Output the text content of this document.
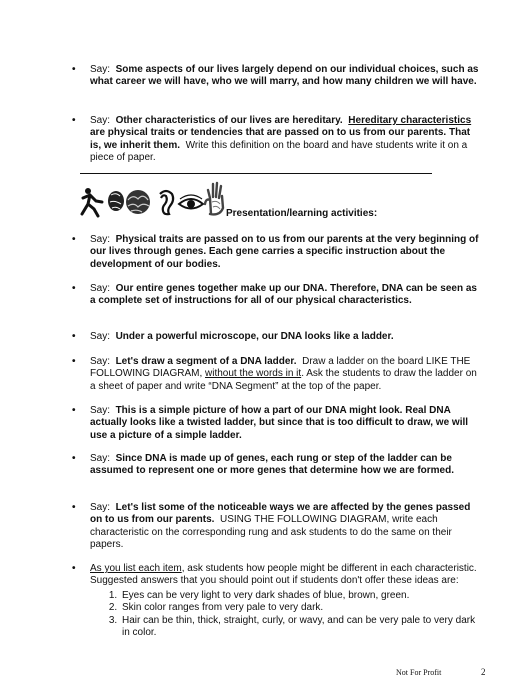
• Say: Some aspects of our lives largely depend on our individual choices, such as what career we will have, who we will marry, and how many children we will have.

• Say: Other characteristics of our lives are hereditary. Hereditary characteristics are physical traits or tendencies that are passed on to us from our parents. That is, we inherit them. Write this definition on the board and have students write it on a piece of paper.

Presentation/learning activities:
• Say: Physical traits are passed on to us from our parents at the very beginning of our lives through genes. Each gene carries a specific instruction about the development of our bodies.

• Say: Our entire genes together make up our DNA. Therefore, DNA can be seen as a complete set of instructions for all of our physical characteristics.

• Say: Under a powerful microscope, our DNA looks like a ladder.

• Say: Let's draw a segment of a DNA ladder. Draw a ladder on the board LIKE THE FOLLOWING DIAGRAM, without the words in it. Ask the students to draw the ladder on a sheet of paper and write “DNA Segment” at the top of the paper.

• Say: This is a simple picture of how a part of our DNA might look. Real DNA actually looks like a twisted ladder, but since that is too difficult to draw, we will use a picture of a simple ladder.

• Say: Since DNA is made up of genes, each rung or step of the ladder can be assumed to represent one or more genes that determine how we are formed.

• Say: Let's list some of the noticeable ways we are affected by the genes passed on to us from our parents. USING THE FOLLOWING DIAGRAM, write each characteristic on the corresponding rung and ask students to do the same on their papers.

• As you list each item, ask students how people might be different in each characteristic. Suggested answers that you should point out if students don't offer these ideas are:

1. Eyes can be very light to very dark shades of blue, brown, green.
2. Skin color ranges from very pale to very dark.
3. Hair can be thin, thick, straight, curly, or wavy, and can be very pale to very dark in color.
Not For Profit	2
